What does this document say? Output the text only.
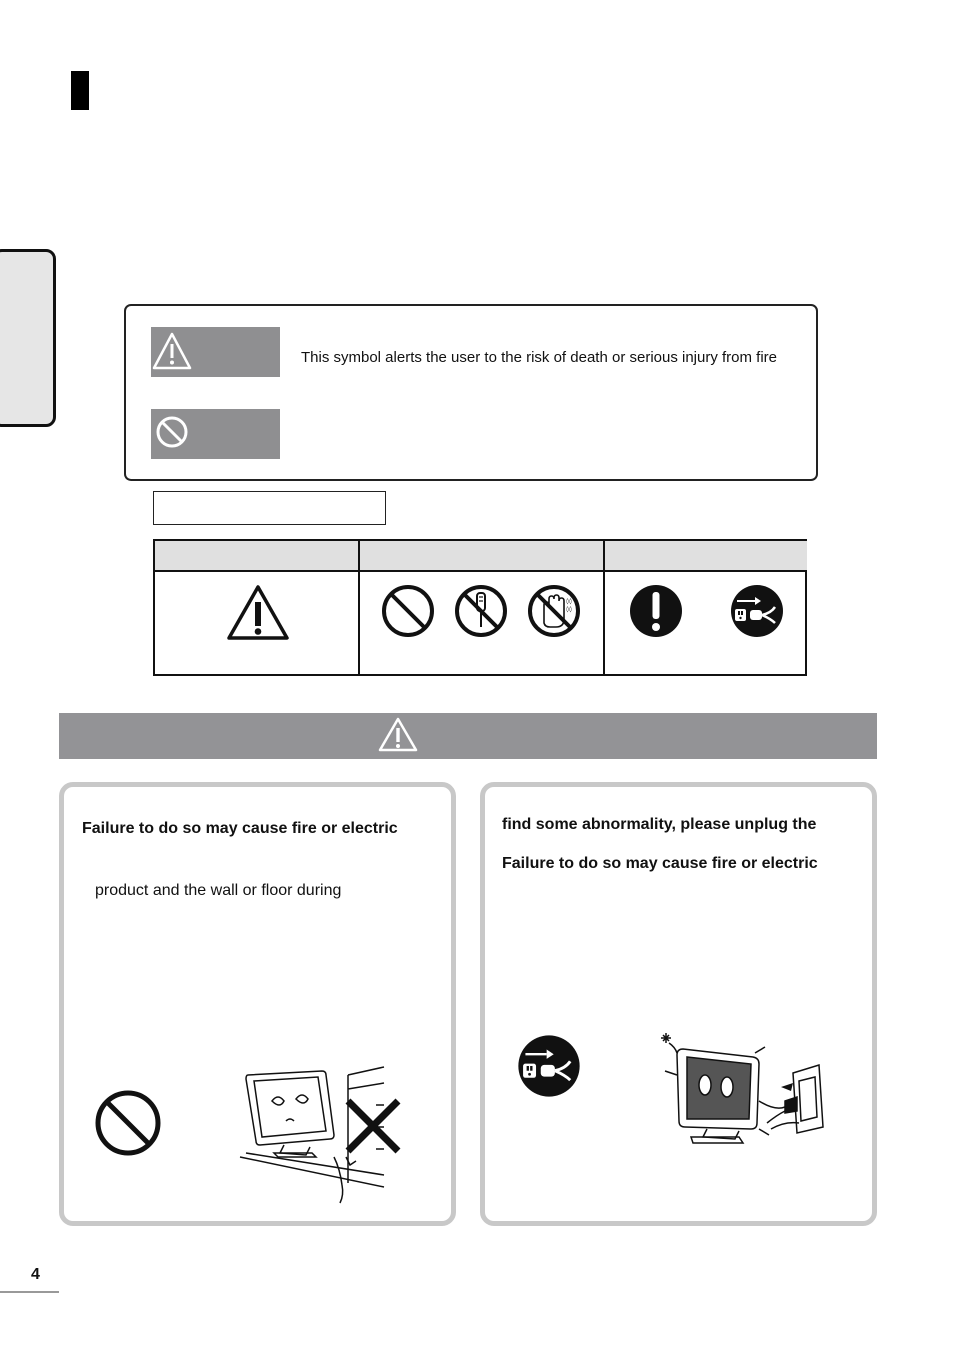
This symbol alerts the user to the risk of death or serious injury from fire
◊◊
◊◊
Failure to do so may cause fire or electric
product and the wall or floor during
find some abnormality, please unplug the
Failure to do so may cause fire or electric
4
